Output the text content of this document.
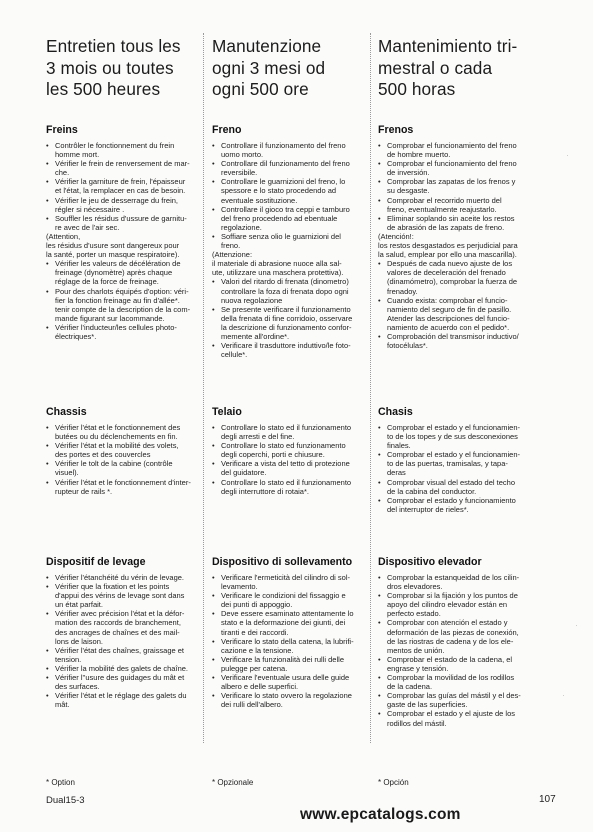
Entretien tous les
3 mois ou toutes
les 500 heures
Freins
• Contrôler le fonctionnement du frein
homme mort.
• Vérifier le frein de renversement de mar-
che.
• Vérifier la garniture de frein, l'épaisseur
et l'état, la remplacer en cas de besoin.
• Vérifier le jeu de desserrage du frein,
régler si nécessaire .
• Souffler les résidus d'ussure de garnitu-
re avec de l'air sec.
(Attention,
les résidus d'usure sont dangereux pour
la santé, porter un masque respiratoire).
• Vérifier les valeurs de décélération de
freinage (dynomètre) après chaque
réglage de la force de freinage.
• Pour des charlots équipés d'option: véri-
fier la fonction freinage au fin d'allée*.
tenir compte de la description de la com-
mande figurant sur lacommande.
• Vérifier l'inducteur/les cellules photo-
électriques*.
Chassis
• Vérifier l'état et le fonctionnement des
butées ou du déclenchements en fin.
• Vérifier l'état et la mobilité des volets,
des portes et des couvercles
• Vérifier le tolt de la cabine (contrôle
visuel).
• Vérifier l'état et le fonctionnement d'inter-
rupteur de rails *.
Dispositif de levage
• Vérifier l'étanchéité du vérin de levage.
• Vérifier que la fixation et les points
d'appui des vérins de levage sont dans
un état parfait.
• Vérifier avec précision l'état et la défor-
mation des raccords de branchement,
des ancrages de chaînes et des mail-
lons de laison.
• Vérifier l'état des chaînes, graissage et
tension.
• Vérifier la mobilité des galets de chaîne.
• Vérifier l''usure des guidages du mât et
des surfaces.
• Vérifier l'état et le réglage des galets du
mât.
* Option
Manutenzione
ogni 3 mesi od
ogni 500 ore
Freno
• Controllare il funzionamento del freno
uomo morto.
• Controllare dil funzionamento del freno
reversibile.
• Controllare le guarnizioni del freno, lo
spessore e lo stato procedendo ad
eventuale sostituzione.
• Controllare il gioco tra ceppi e tamburo
del freno procedendo ad ebentuale
regolazione.
• Soffiare senza olio le guarnizioni del
freno.
(Attenzione:
il materiale di abrasione nuoce alla sal-
ute, utilizzare una maschera protettiva).
• Valori del ritardo di frenata (dinometro)
controllare la foza di frenata dopo ogni
nuova regolazione
• Se presente verificare il funzionamento
della frenata di fine corridoio, osservare
la descrizione di funzionamento confor-
memente all'ordine*.
• Verificare il trasduttore induttivo/le foto-
cellule*.
Telaio
• Controllare lo stato ed il funzionamento
degli arresti e del fine.
• Controllare lo stato ed funzionamento
degli coperchi, porti e chiusure.
• Verificare a vista del tetto di protezione
del guidatore.
• Controllare lo stato ed il funzionamento
degli interruttore di rotaia*.
Dispositivo di sollevamento
• Verificare l'ermeticità del cilindro di sol-
levamento.
• Verificare le condizioni del fissaggio e
dei punti di appoggio.
• Deve essere esaminato attentamente lo
stato e la deformazione dei giunti, dei
tiranti e dei raccordi.
• Verificare lo stato della catena, la lubrifi-
cazione e la tensione.
• Verificare la funzionalità dei rulli delle
pulegge per catena.
• Verificare l'eventuale usura delle guide
albero e delle superfici.
• Verificare lo stato ovvero la regolazione
dei rulli dell'albero.
* Opzionale
Mantenimiento tri-
mestral o cada
500 horas
Frenos
• Comprobar el funcionamiento del freno
de hombre muerto.
• Comprobar el funcionamiento del freno
de inversión.
• Comprobar las zapatas de los frenos y
su desgaste.
• Comprobar el recorrido muerto del
freno, eventualmente reajustarlo.
• Eliminar soplando sin aceite los restos
de abrasión de las zapats de freno.
(Atención!:
los restos desgastados es perjudicial para
la salud, emplear por ello una mascarilla).
• Después de cada nuevo ajuste de los
valores de deceleración del frenado
(dinamómetro), comprobar la fuerza de
frenadoy.
• Cuando exista: comprobar el funcio-
namiento del seguro de fin de pasillo.
Atender las descripciones del funcio-
namiento de acuerdo con el pedido*.
• Comprobación del transmisor inductivo/
fotocélulas*.
Chasis
• Comprobar el estado y el funcionamien-
to de los topes y de sus desconexiones
finales.
• Comprobar el estado y el funcionamien-
to de las puertas, tramisalas, y tapa-
deras
• Comprobar visual del estado del techo
de la cabina del conductor.
• Comprobar el estado y funcionamiento
del interruptor de rieles*.
Dispositivo elevador
• Comprobar la estanqueidad de los cilin-
dros elevadores.
• Comprobar si la fijación y los puntos de
apoyo del cilindro elevador están en
perfecto estado.
• Comprobar con atención el estado y
deformación de las piezas de conexión,
de las riostras de cadena y de los ele-
mentos de unión.
• Comprobar el estado de la cadena, el
engrase y tensión.
• Comprobar la movilidad de los rodillos
de la cadena.
• Comprobar las guías del mástil y el des-
gaste de las superficies.
• Comprobar el estado y el ajuste de los
rodillos del mástil.
* Opción
Dual15-3	107
www.epcatalogs.com
·
·
·
